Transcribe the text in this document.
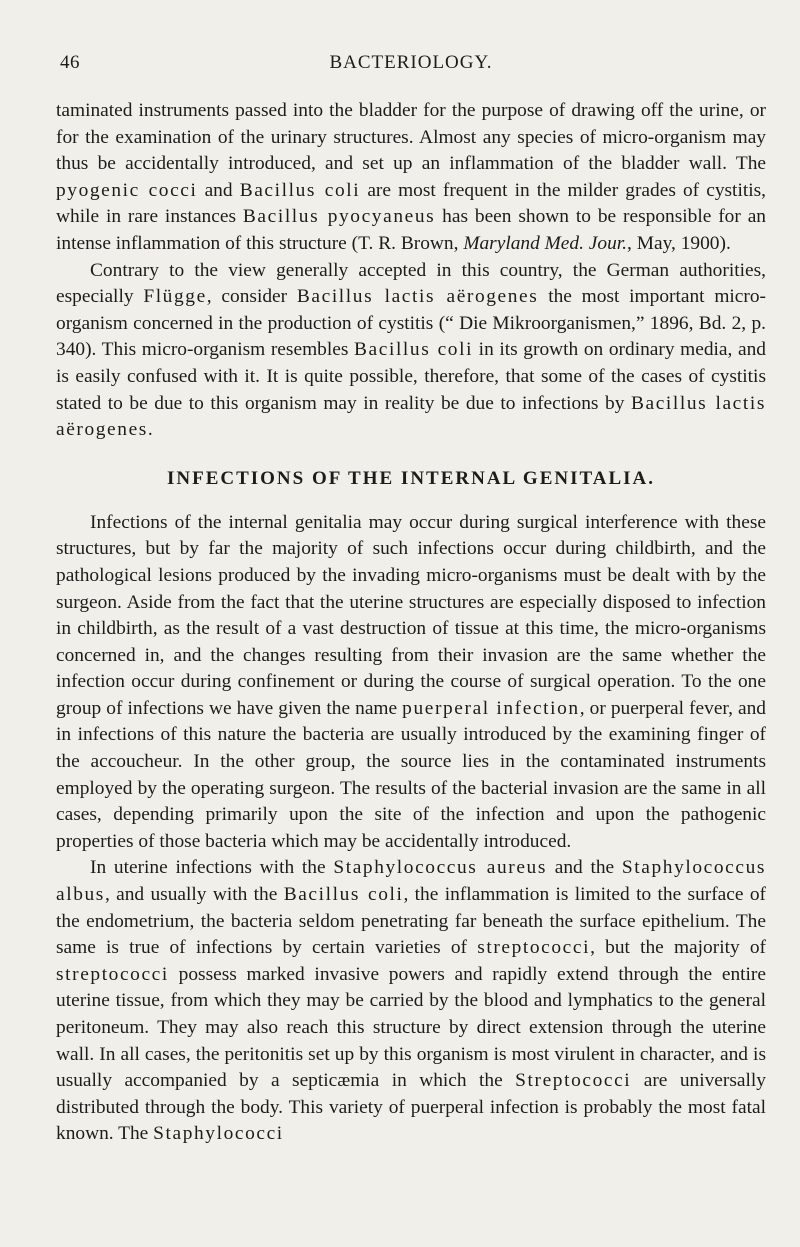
46	BACTERIOLOGY.

taminated instruments passed into the bladder for the purpose of drawing off the urine, or for the examination of the urinary structures. Almost any species of micro-organism may thus be accidentally introduced, and set up an inflammation of the bladder wall. The pyogenic cocci and Bacillus coli are most frequent in the milder grades of cystitis, while in rare instances Bacillus pyocyaneus has been shown to be responsible for an intense inflammation of this structure (T. R. Brown, Maryland Med. Jour., May, 1900).

Contrary to the view generally accepted in this country, the German authorities, especially Flügge, consider Bacillus lactis aërogenes the most important micro-organism concerned in the production of cystitis (“ Die Mikroorganismen,” 1896, Bd. 2, p. 340). This micro-organism resembles Bacillus coli in its growth on ordinary media, and is easily confused with it. It is quite possible, therefore, that some of the cases of cystitis stated to be due to this organism may in reality be due to infections by Bacillus lactis aërogenes.

INFECTIONS OF THE INTERNAL GENITALIA.

Infections of the internal genitalia may occur during surgical interference with these structures, but by far the majority of such infections occur during childbirth, and the pathological lesions produced by the invading micro-organisms must be dealt with by the surgeon. Aside from the fact that the uterine structures are especially disposed to infection in childbirth, as the result of a vast destruction of tissue at this time, the micro-organisms concerned in, and the changes resulting from their invasion are the same whether the infection occur during confinement or during the course of surgical operation. To the one group of infections we have given the name puerperal infection, or puerperal fever, and in infections of this nature the bacteria are usually introduced by the examining finger of the accoucheur. In the other group, the source lies in the contaminated instruments employed by the operating surgeon. The results of the bacterial invasion are the same in all cases, depending primarily upon the site of the infection and upon the pathogenic properties of those bacteria which may be accidentally introduced.

In uterine infections with the Staphylococcus aureus and the Staphylococcus albus, and usually with the Bacillus coli, the inflammation is limited to the surface of the endometrium, the bacteria seldom penetrating far beneath the surface epithelium. The same is true of infections by certain varieties of streptococci, but the majority of streptococci possess marked invasive powers and rapidly extend through the entire uterine tissue, from which they may be carried by the blood and lymphatics to the general peritoneum. They may also reach this structure by direct extension through the uterine wall. In all cases, the peritonitis set up by this organism is most virulent in character, and is usually accompanied by a septicæmia in which the Streptococci are universally distributed through the body. This variety of puerperal infection is probably the most fatal known. The Staphylococci
